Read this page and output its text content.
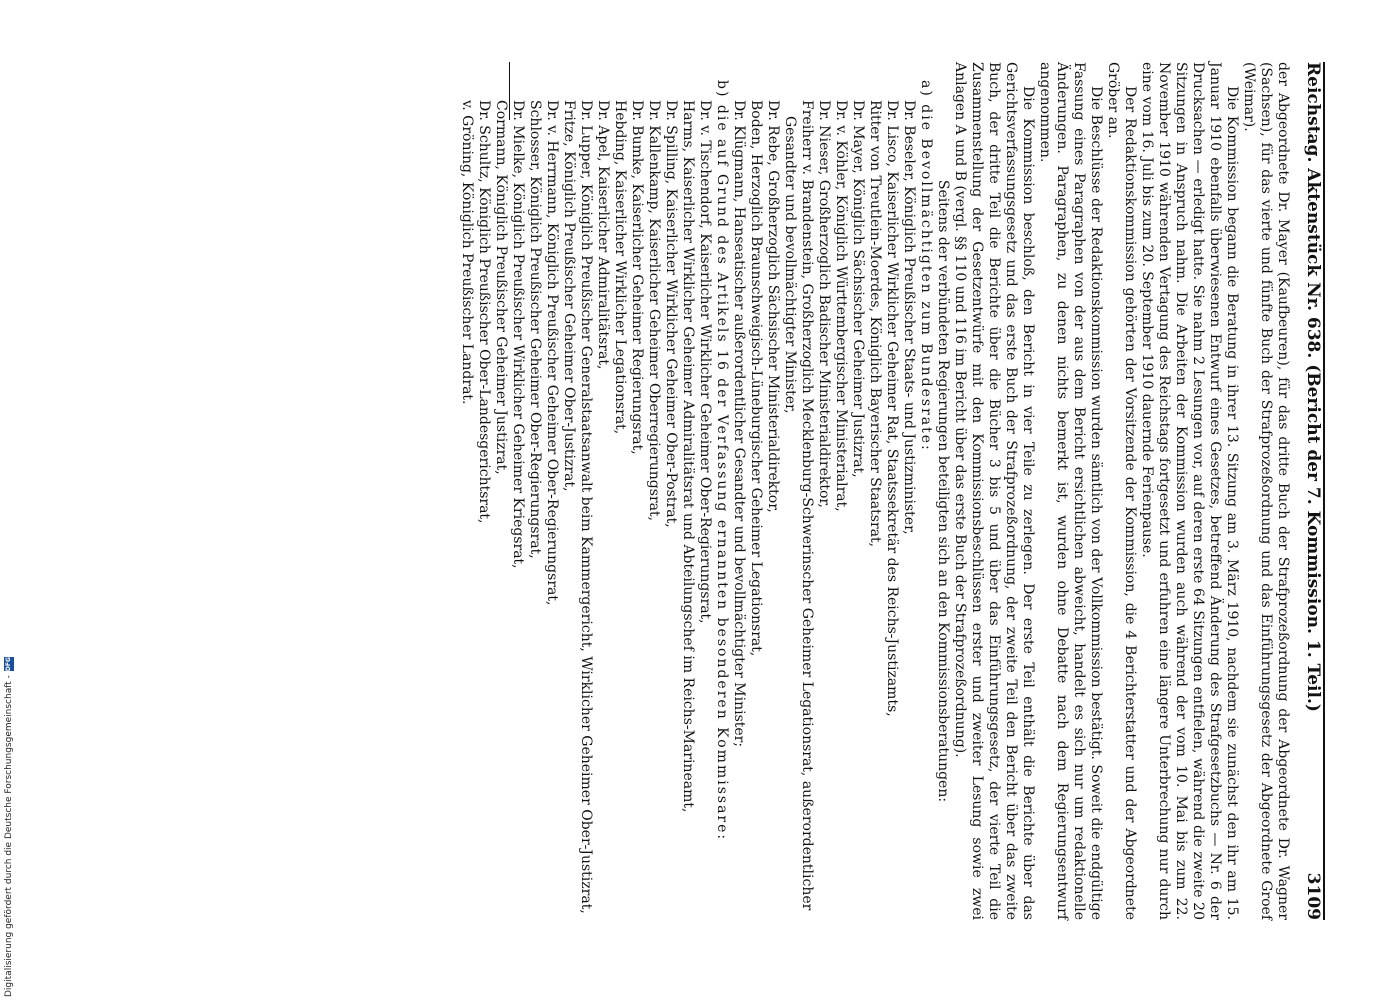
Reichstag. Aktenstück Nr. 638. (Bericht der 7. Kommission. 1. Teil.)
3109

der Abgeordnete Dr. Mayer (Kaufbeuren), für das dritte Buch der Strafprozeßordnung der Abgeordnete Dr. Wagner (Sachsen), für das vierte und fünfte Buch der Strafprozeßordnung und das Einführungsgesetz der Abgeordnete Groef (Weimar).

Die Kommission begann die Beratung in ihrer 13. Sitzung am 3. März 1910, nachdem sie zunächst den ihr am 15. Januar 1910 ebenfalls überwiesenen Entwurf eines Gesetzes, betreffend Änderung des Strafgesetzbuchs — Nr. 6 der Drucksachen — erledigt hatte. Sie nahm 2 Lesungen vor, auf deren erste 64 Sitzungen entfielen, während die zweite 20 Sitzungen in Anspruch nahm. Die Arbeiten der Kommission wurden auch während der vom 10. Mai bis zum 22. November 1910 währenden Vertagung des Reichstags fortgesetzt und erfuhren eine längere Unterbrechung nur durch eine vom 16. Juli bis zum 20. September 1910 dauernde Ferienpause.

Der Redaktionskommission gehörten der Vorsitzende der Kommission, die 4 Berichterstatter und der Abgeordnete Gröber an.

Die Beschlüsse der Redaktionskommission wurden sämtlich von der Vollkommission bestätigt. Soweit die endgültige Fassung eines Paragraphen von der aus dem Bericht ersichtlichen abweicht, handelt es sich nur um redaktionelle Änderungen. Paragraphen, zu denen nichts bemerkt ist, wurden ohne Debatte nach dem Regierungsentwurf angenommen.

Die Kommission beschloß, den Bericht in vier Teile zu zerlegen. Der erste Teil enthält die Berichte über das Gerichtsverfassungsgesetz und das erste Buch der Strafprozeßordnung, der zweite Teil den Bericht über das zweite Buch, der dritte Teil die Berichte über die Bücher 3 bis 5 und über das Einführungsgesetz, der vierte Teil die Zusammenstellung der Gesetzentwürfe mit den Kommissionsbeschlüssen erster und zweiter Lesung sowie zwei Anlagen A und B (vergl. §§ 110 und 116 im Bericht über das erste Buch der Strafprozeßordnung).

Seitens der verbündeten Regierungen beteiligten sich an den Kommissionsberatungen:

a) die Bevollmächtigten zum Bundesrate:

Dr. Beseler, Königlich Preußischer Staats- und Justizminister,
Dr. Lisco, Kaiserlicher Wirklicher Geheimer Rat, Staatssekretär des Reichs-Justizamts,
Ritter von Treutlein-Moerdes, Königlich Bayerischer Staatsrat,
Dr. Mayer, Königlich Sächsischer Geheimer Justizrat,
Dr. v. Köhler, Königlich Württembergischer Ministerialrat,
Dr. Nieser, Großherzoglich Badischer Ministerialdirektor,
Freiherr v. Brandenstein, Großherzoglich Mecklenburg-Schwerinscher Geheimer Legationsrat, außerordentlicher Gesandter und bevollmächtigter Minister,
Dr. Rebe, Großherzoglich Sächsischer Ministerialdirektor,
Boden, Herzoglich Braunschweigisch-Lüneburgischer Geheimer Legationsrat,
Dr. Klügmann, Hanseatischer außerordentlicher Gesandter und bevollmächtigter Minister;

b) die auf Grund des Artikels 16 der Verfassung ernannten besonderen Kommissare:

Dr. v. Tischendorf, Kaiserlicher Wirklicher Geheimer Ober-Regierungsrat,
Harms, Kaiserlicher Wirklicher Geheimer Admiralitätsrat und Abteilungschef im Reichs-Marineamt,
Dr. Spilling, Kaiserlicher Wirklicher Geheimer Ober-Postrat,
Dr. Kallenkamp, Kaiserlicher Geheimer Oberregierungsrat,
Dr. Bumke, Kaiserlicher Geheimer Regierungsrat,
Hebding, Kaiserlicher Wirklicher Legationsrat,
Dr. Apel, Kaiserlicher Admiralitätsrat,
Dr. Lupper, Königlich Preußischer Generalstaatsanwalt beim Kammergericht, Wirklicher Geheimer Ober-Justizrat,
Fritze, Königlich Preußischer Geheimer Ober-Justizrat,
Dr. v. Herrmann, Königlich Preußischer Geheimer Ober-Regierungsrat,
Schlosser, Königlich Preußischer Geheimer Ober-Regierungsrat,
Dr. Mielke, Königlich Preußischer Wirklicher Geheimer Kriegsrat,
Cormann, Königlich Preußischer Geheimer Justizrat,
Dr. Schultz, Königlich Preußischer Ober-Landesgerichtsrat,
v. Gröning, Königlich Preußischer Landrat.
Digitalisierung gefördert durch die Deutsche Forschungsgemeinschaft -DFG
